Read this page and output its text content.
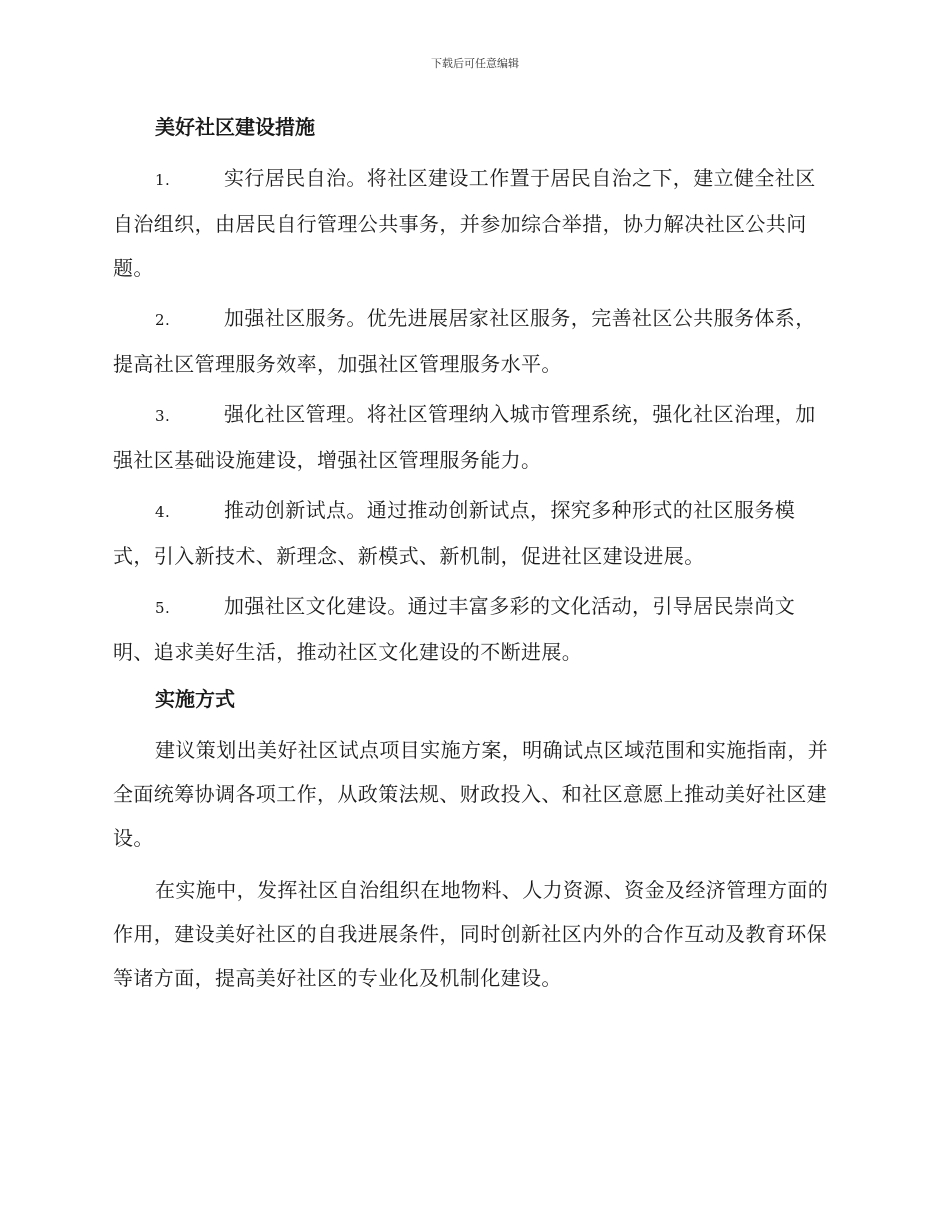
下载后可任意编辑
美好社区建设措施

1.	实行居民自治。将社区建设工作置于居民自治之下，建立健全社区自治组织，由居民自行管理公共事务，并参加综合举措，协力解决社区公共问题。

2.	加强社区服务。优先进展居家社区服务，完善社区公共服务体系，提高社区管理服务效率，加强社区管理服务水平。

3.	强化社区管理。将社区管理纳入城市管理系统，强化社区治理，加强社区基础设施建设，增强社区管理服务能力。

4.	推动创新试点。通过推动创新试点，探究多种形式的社区服务模式，引入新技术、新理念、新模式、新机制，促进社区建设进展。

5.	加强社区文化建设。通过丰富多彩的文化活动，引导居民崇尚文明、追求美好生活，推动社区文化建设的不断进展。

实施方式

建议策划出美好社区试点项目实施方案，明确试点区域范围和实施指南，并全面统筹协调各项工作，从政策法规、财政投入、和社区意愿上推动美好社区建设。

在实施中，发挥社区自治组织在地物料、人力资源、资金及经济管理方面的作用，建设美好社区的自我进展条件，同时创新社区内外的合作互动及教育环保等诸方面，提高美好社区的专业化及机制化建设。
